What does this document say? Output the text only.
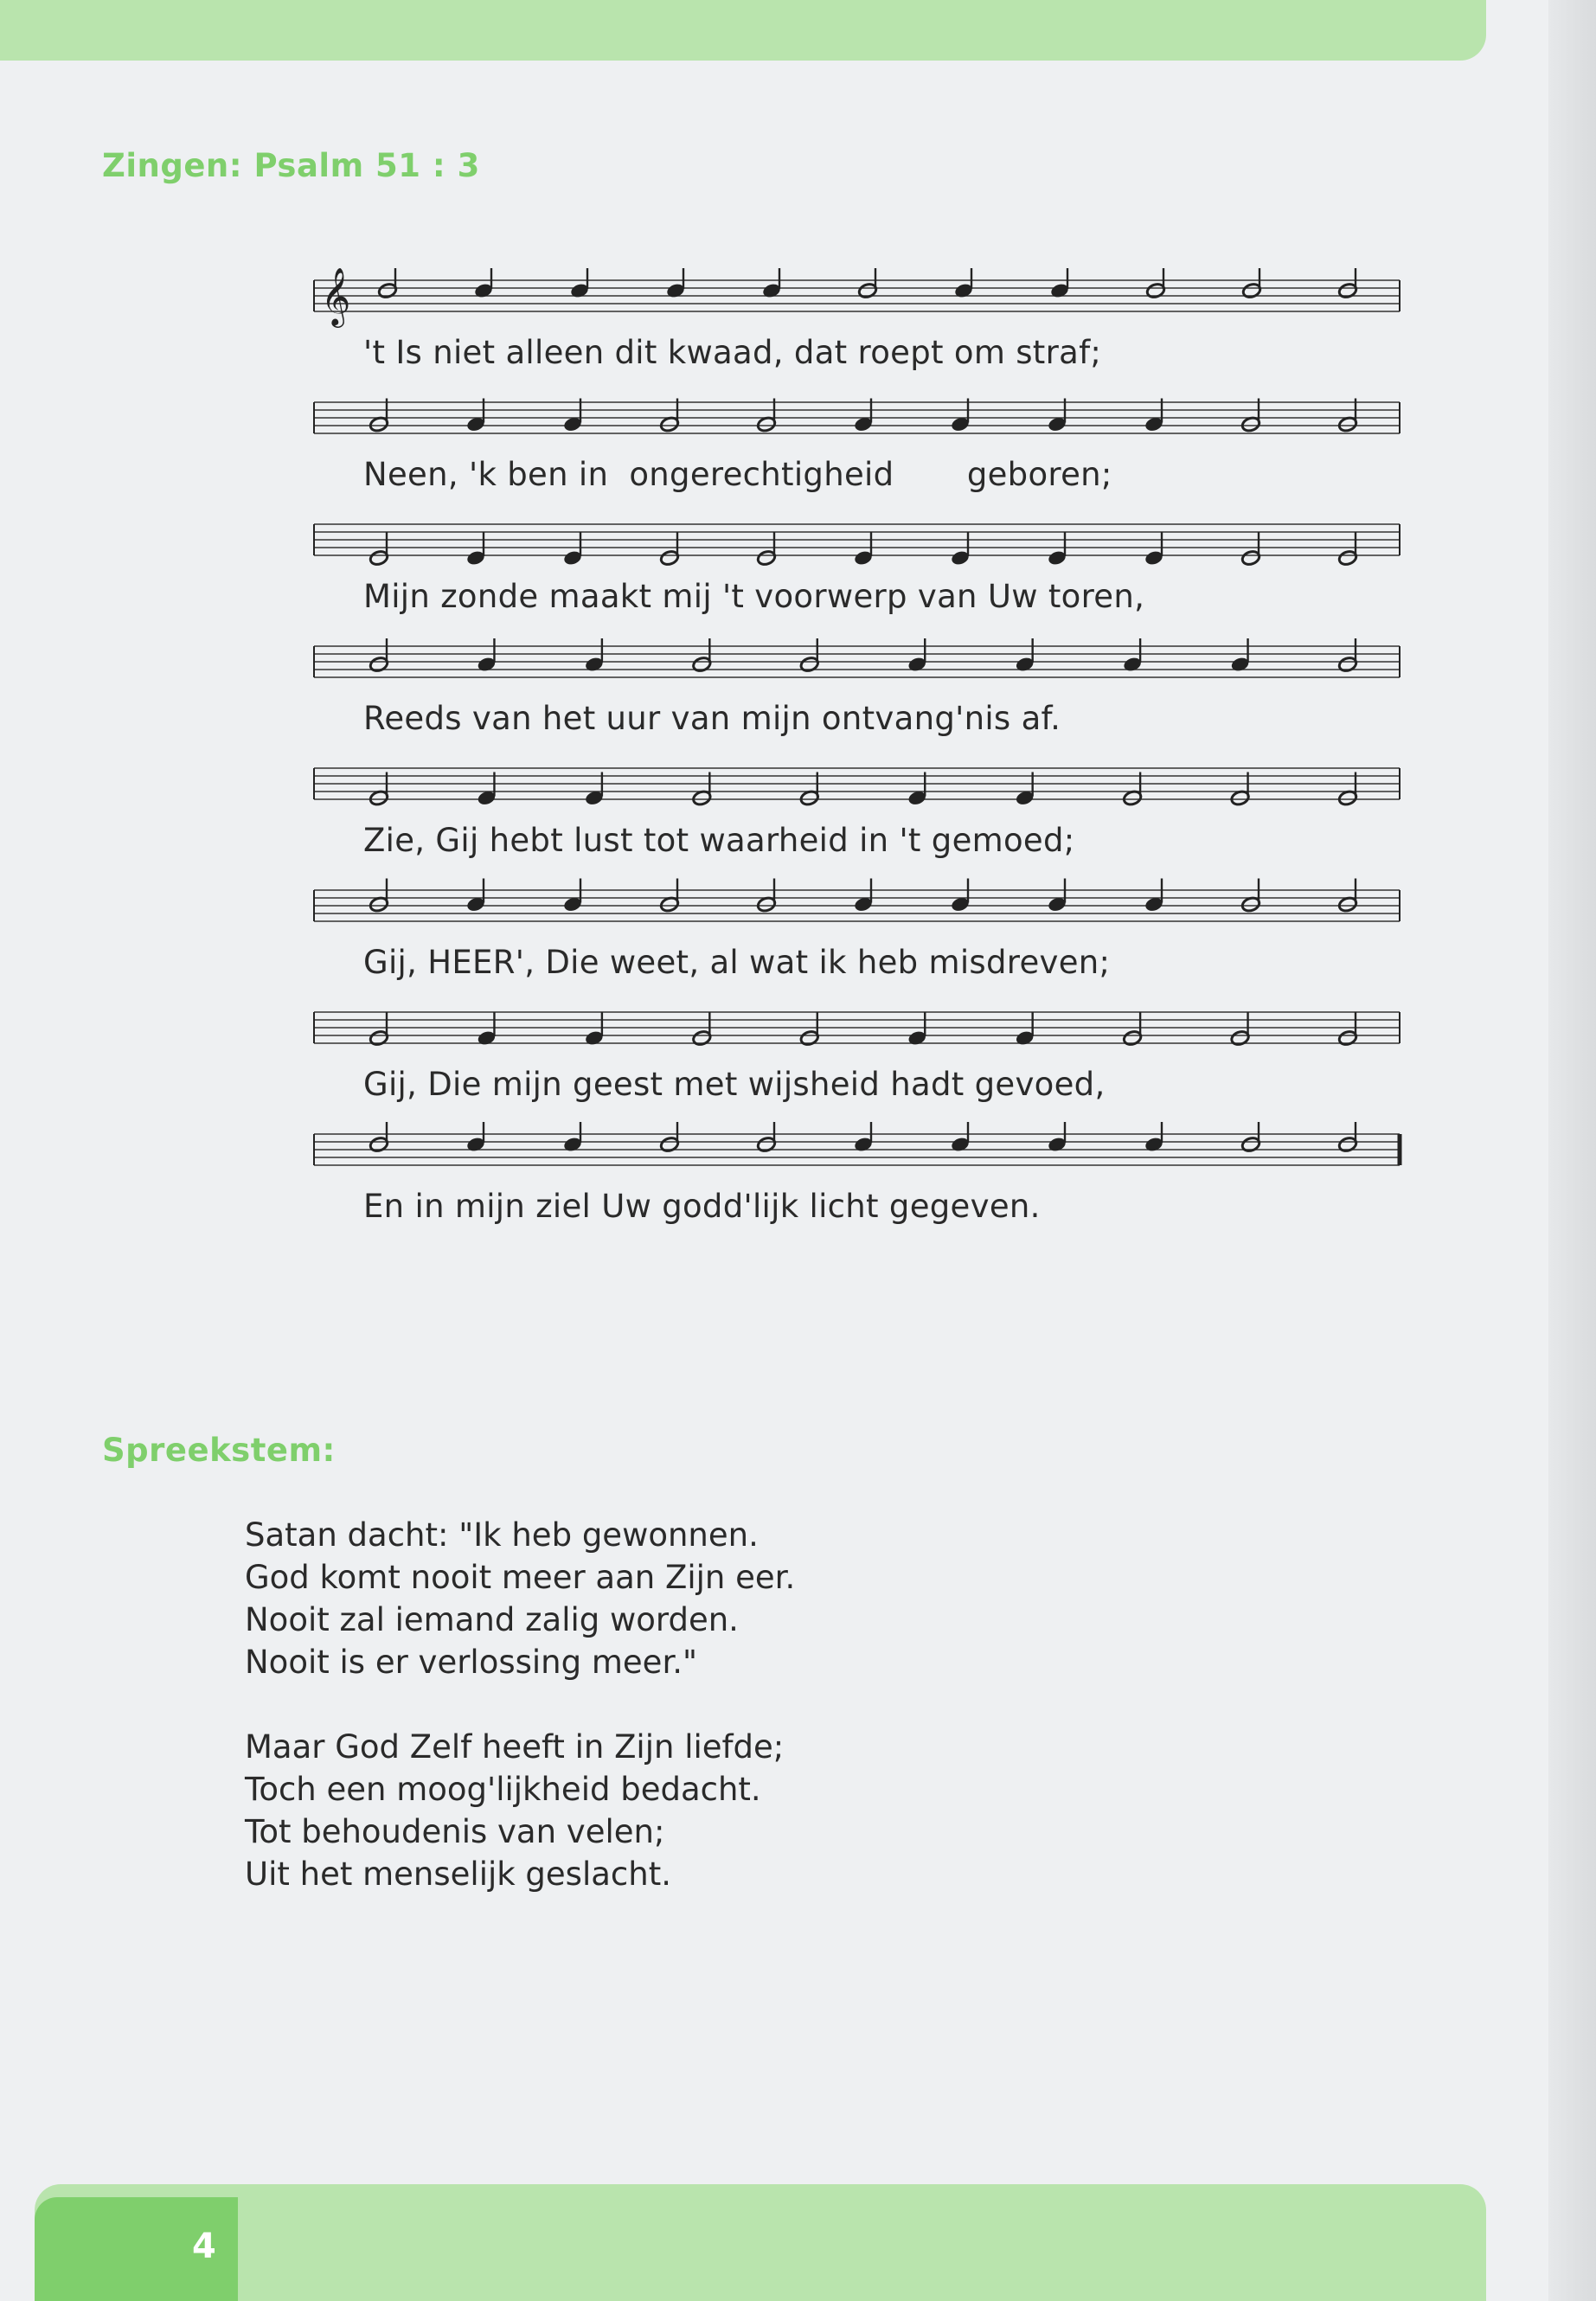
Zingen: Psalm 51 : 3
𝄞
't Is niet alleen dit kwaad, dat roept om straf;
Neen, 'k ben in  ongerechtigheid       geboren;
Mijn zonde maakt mij 't voorwerp van Uw toren,
Reeds van het uur van mijn ontvang'nis af.
Zie, Gij hebt lust tot waarheid in 't gemoed;
Gij, HEER', Die weet, al wat ik heb misdreven;
Gij, Die mijn geest met wijsheid hadt gevoed,
En in mijn ziel Uw godd'lijk licht gegeven.
Spreekstem:

Satan dacht: "Ik heb gewonnen.
God komt nooit meer aan Zijn eer.
Nooit zal iemand zalig worden.
Nooit is er verlossing meer."

Maar God Zelf heeft in Zijn liefde;
Toch een moog'lijkheid bedacht.
Tot behoudenis van velen;
Uit het menselijk geslacht.

4
